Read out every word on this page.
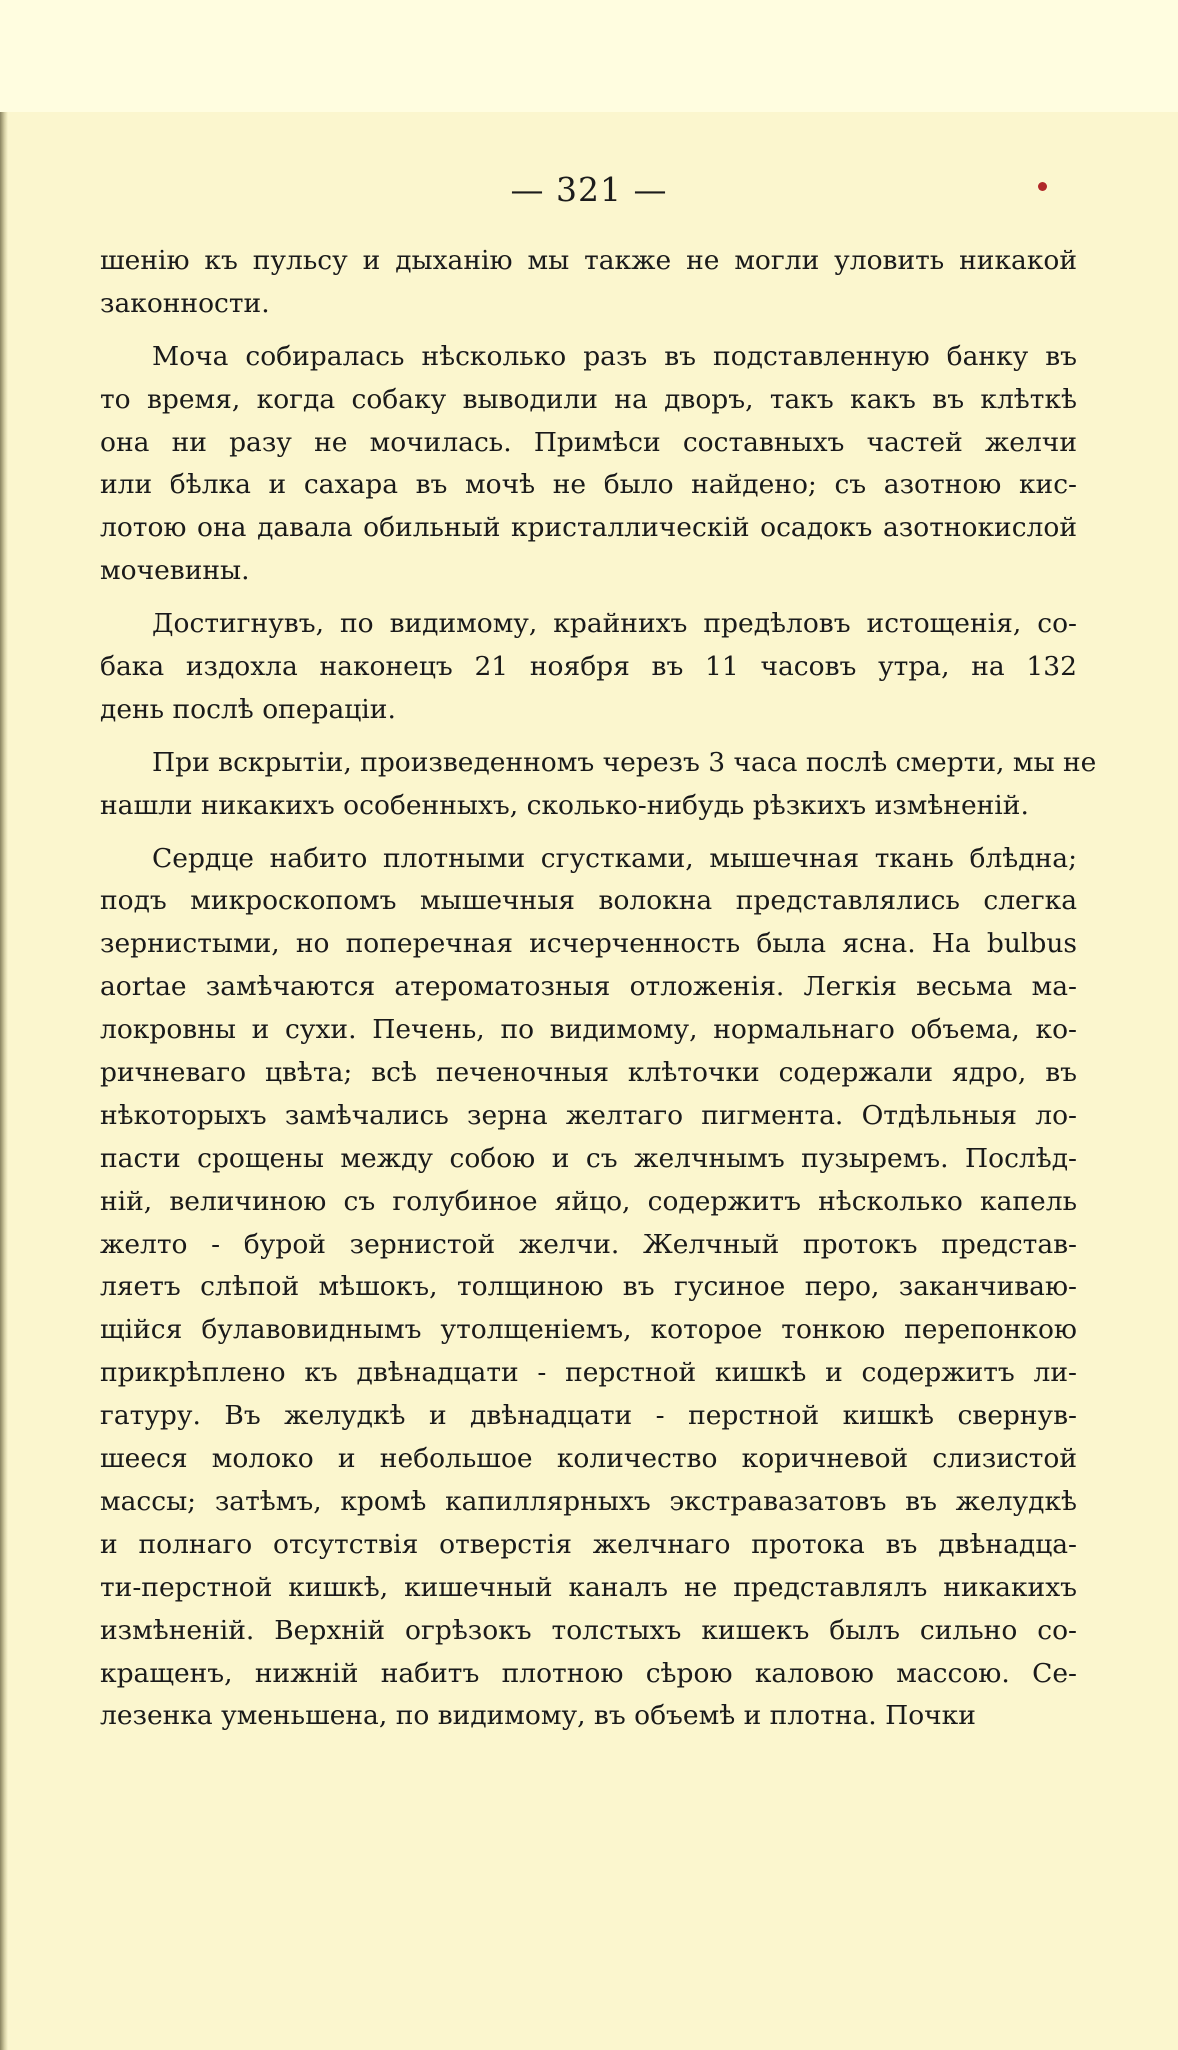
— 321 —
шенію къ пульсу и дыханію мы также не могли уловить никакой
законности.
Моча собиралась нѣсколько разъ въ подставленную банку въ
то время, когда собаку выводили на дворъ, такъ какъ въ клѣткѣ
она ни разу не мочилась. Примѣси составныхъ частей желчи
или бѣлка и сахара въ мочѣ не было найдено; съ азотною кис-
лотою она давала обильный кристаллическій осадокъ азотнокислой
мочевины.
Достигнувъ, по видимому, крайнихъ предѣловъ истощенія, со-
бака издохла наконецъ 21 ноября въ 11 часовъ утра, на 132
день послѣ операціи.
При вскрытіи, произведенномъ черезъ 3 часа послѣ смерти, мы не
нашли никакихъ особенныхъ, сколько-нибудь рѣзкихъ измѣненій.
Сердце набито плотными сгустками, мышечная ткань блѣдна;
подъ микроскопомъ мышечныя волокна представлялись слегка
зернистыми, но поперечная исчерченность была ясна. На bulbus
aortae замѣчаются атероматозныя отложенія. Легкія весьма ма-
локровны и сухи. Печень, по видимому, нормальнаго объема, ко-
ричневаго цвѣта; всѣ печеночныя клѣточки содержали ядро, въ
нѣкоторыхъ замѣчались зерна желтаго пигмента. Отдѣльныя ло-
пасти срощены между собою и съ желчнымъ пузыремъ. Послѣд-
ній, величиною съ голубиное яйцо, содержитъ нѣсколько капель
желто - бурой зернистой желчи. Желчный протокъ представ-
ляетъ слѣпой мѣшокъ, толщиною въ гусиное перо, заканчиваю-
щійся булавовиднымъ утолщеніемъ, которое тонкою перепонкою
прикрѣплено къ двѣнадцати - перстной кишкѣ и содержитъ ли-
гатуру. Въ желудкѣ и двѣнадцати - перстной кишкѣ свернув-
шееся молоко и небольшое количество коричневой слизистой
массы; затѣмъ, кромѣ капиллярныхъ экстравазатовъ въ желудкѣ
и полнаго отсутствія отверстія желчнаго протока въ двѣнадца-
ти-перстной кишкѣ, кишечный каналъ не представлялъ никакихъ
измѣненій. Верхній огрѣзокъ толстыхъ кишекъ былъ сильно со-
кращенъ, нижній набитъ плотною сѣрою каловою массою. Се-
лезенка уменьшена, по видимому, въ объемѣ и плотна. Почки
